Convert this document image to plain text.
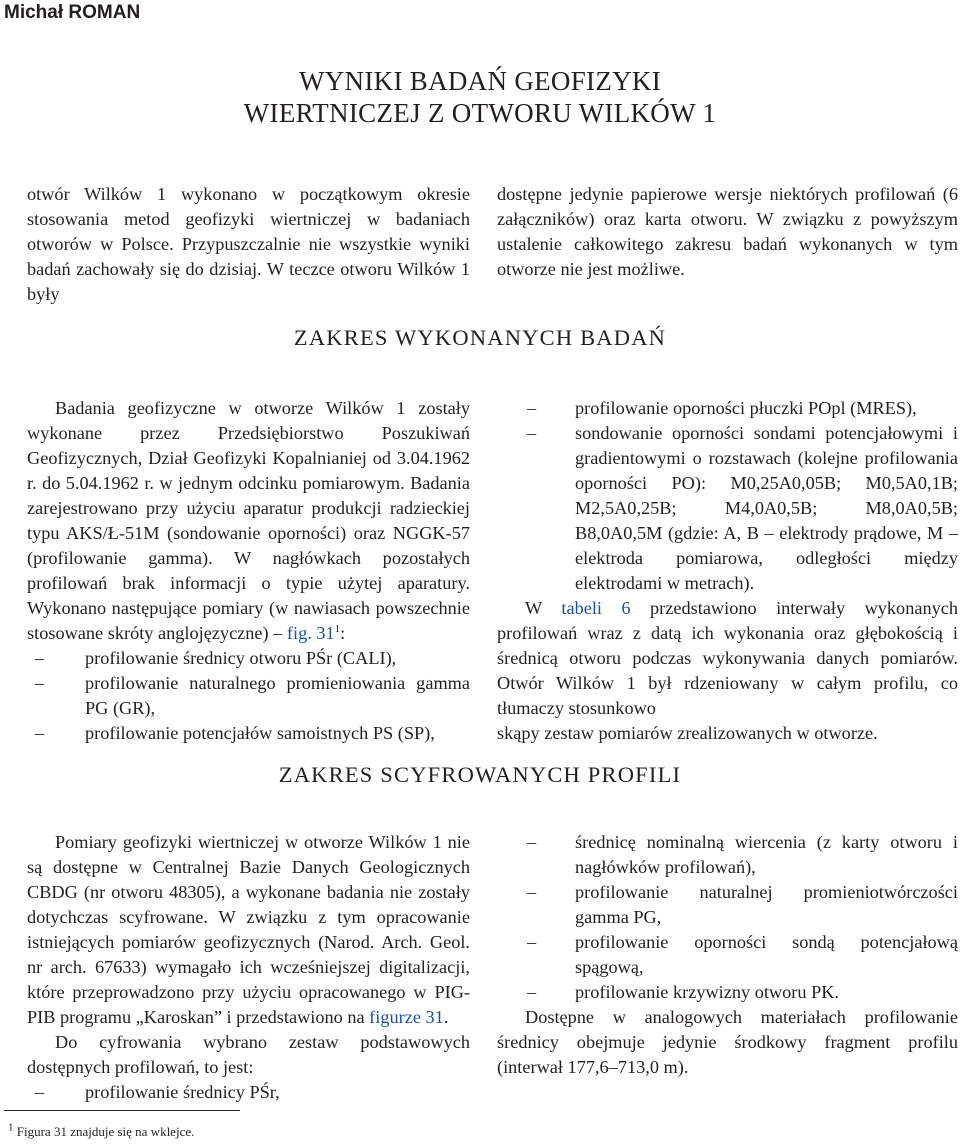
Michał ROMAN
WYNIKI BADAŃ GEOFIZYKI
WIERTNICZEJ Z OTWORU WILKÓW 1

otwór Wilków 1 wykonano w początkowym okresie stosowania metod geofizyki wiertniczej w badaniach otworów w Polsce. Przypuszczalnie nie wszystkie wyniki badań zachowały się do dzisiaj. W teczce otworu Wilków 1 były

dostępne jedynie papierowe wersje niektórych profilowań (6 załączników) oraz karta otworu. W związku z powyższym ustalenie całkowitego zakresu badań wykonanych w tym otworze nie jest możliwe.

ZAKRES WYKONANYCH BADAŃ

Badania geofizyczne w otworze Wilków 1 zostały wykonane przez Przedsiębiorstwo Poszukiwań Geofizycznych, Dział Geofizyki Kopalnianiej od 3.04.1962 r. do 5.04.1962 r. w jednym odcinku pomiarowym. Badania zarejestrowano przy użyciu aparatur produkcji radzieckiej typu AKS/Ł-51M (sondowanie oporności) oraz NGGK-57 (profilowanie gamma). W nagłówkach pozostałych profilowań brak informacji o typie użytej aparatury. Wykonano następujące pomiary (w nawiasach powszechnie stosowane skróty anglojęzyczne) – fig. $31^1$:

– profilowanie średnicy otworu PŚr (CALI),
– profilowanie naturalnego promieniowania gamma PG (GR),
– profilowanie potencjałów samoistnych PS (SP),
– profilowanie oporności płuczki POpl (MRES),
– sondowanie oporności sondami potencjałowymi i gradientowymi o rozstawach (kolejne profilowania oporności PO): M0,25A0,05B; M0,5A0,1B; M2,5A0,25B; M4,0A0,5B; M8,0A0,5B; B8,0A0,5M (gdzie: A, B – elektrody prądowe, M – elektroda pomiarowa, odległości między elektrodami w metrach).

W tabeli 6 przedstawiono interwały wykonanych profilowań wraz z datą ich wykonania oraz głębokością i średnicą otworu podczas wykonywania danych pomiarów. Otwór Wilków 1 był rdzeniowany w całym profilu, co tłumaczy stosunkowo

skąpy zestaw pomiarów zrealizowanych w otworze.

ZAKRES SCYFROWANYCH PROFILI

Pomiary geofizyki wiertniczej w otworze Wilków 1 nie są dostępne w Centralnej Bazie Danych Geologicznych CBDG (nr otworu 48305), a wykonane badania nie zostały dotychczas scyfrowane. W związku z tym opracowanie istniejących pomiarów geofizycznych (Narod. Arch. Geol. nr arch. 67633) wymagało ich wcześniejszej digitalizacji, które przeprowadzono przy użyciu opracowanego w PIG-PIB programu „Karoskan” i przedstawiono na figurze 31.

Do cyfrowania wybrano zestaw podstawowych dostępnych profilowań, to jest:

– profilowanie średnicy PŚr,
– średnicę nominalną wiercenia (z karty otworu i nagłówków profilowań),
– profilowanie naturalnej promieniotwórczości gamma PG,
– profilowanie oporności sondą potencjałową spągową,
– profilowanie krzywizny otworu PK.

Dostępne w analogowych materiałach profilowanie średnicy obejmuje jedynie środkowy fragment profilu (interwał 177,6–713,0 m).

$^1$ Figura 31 znajduje się na wklejce.
